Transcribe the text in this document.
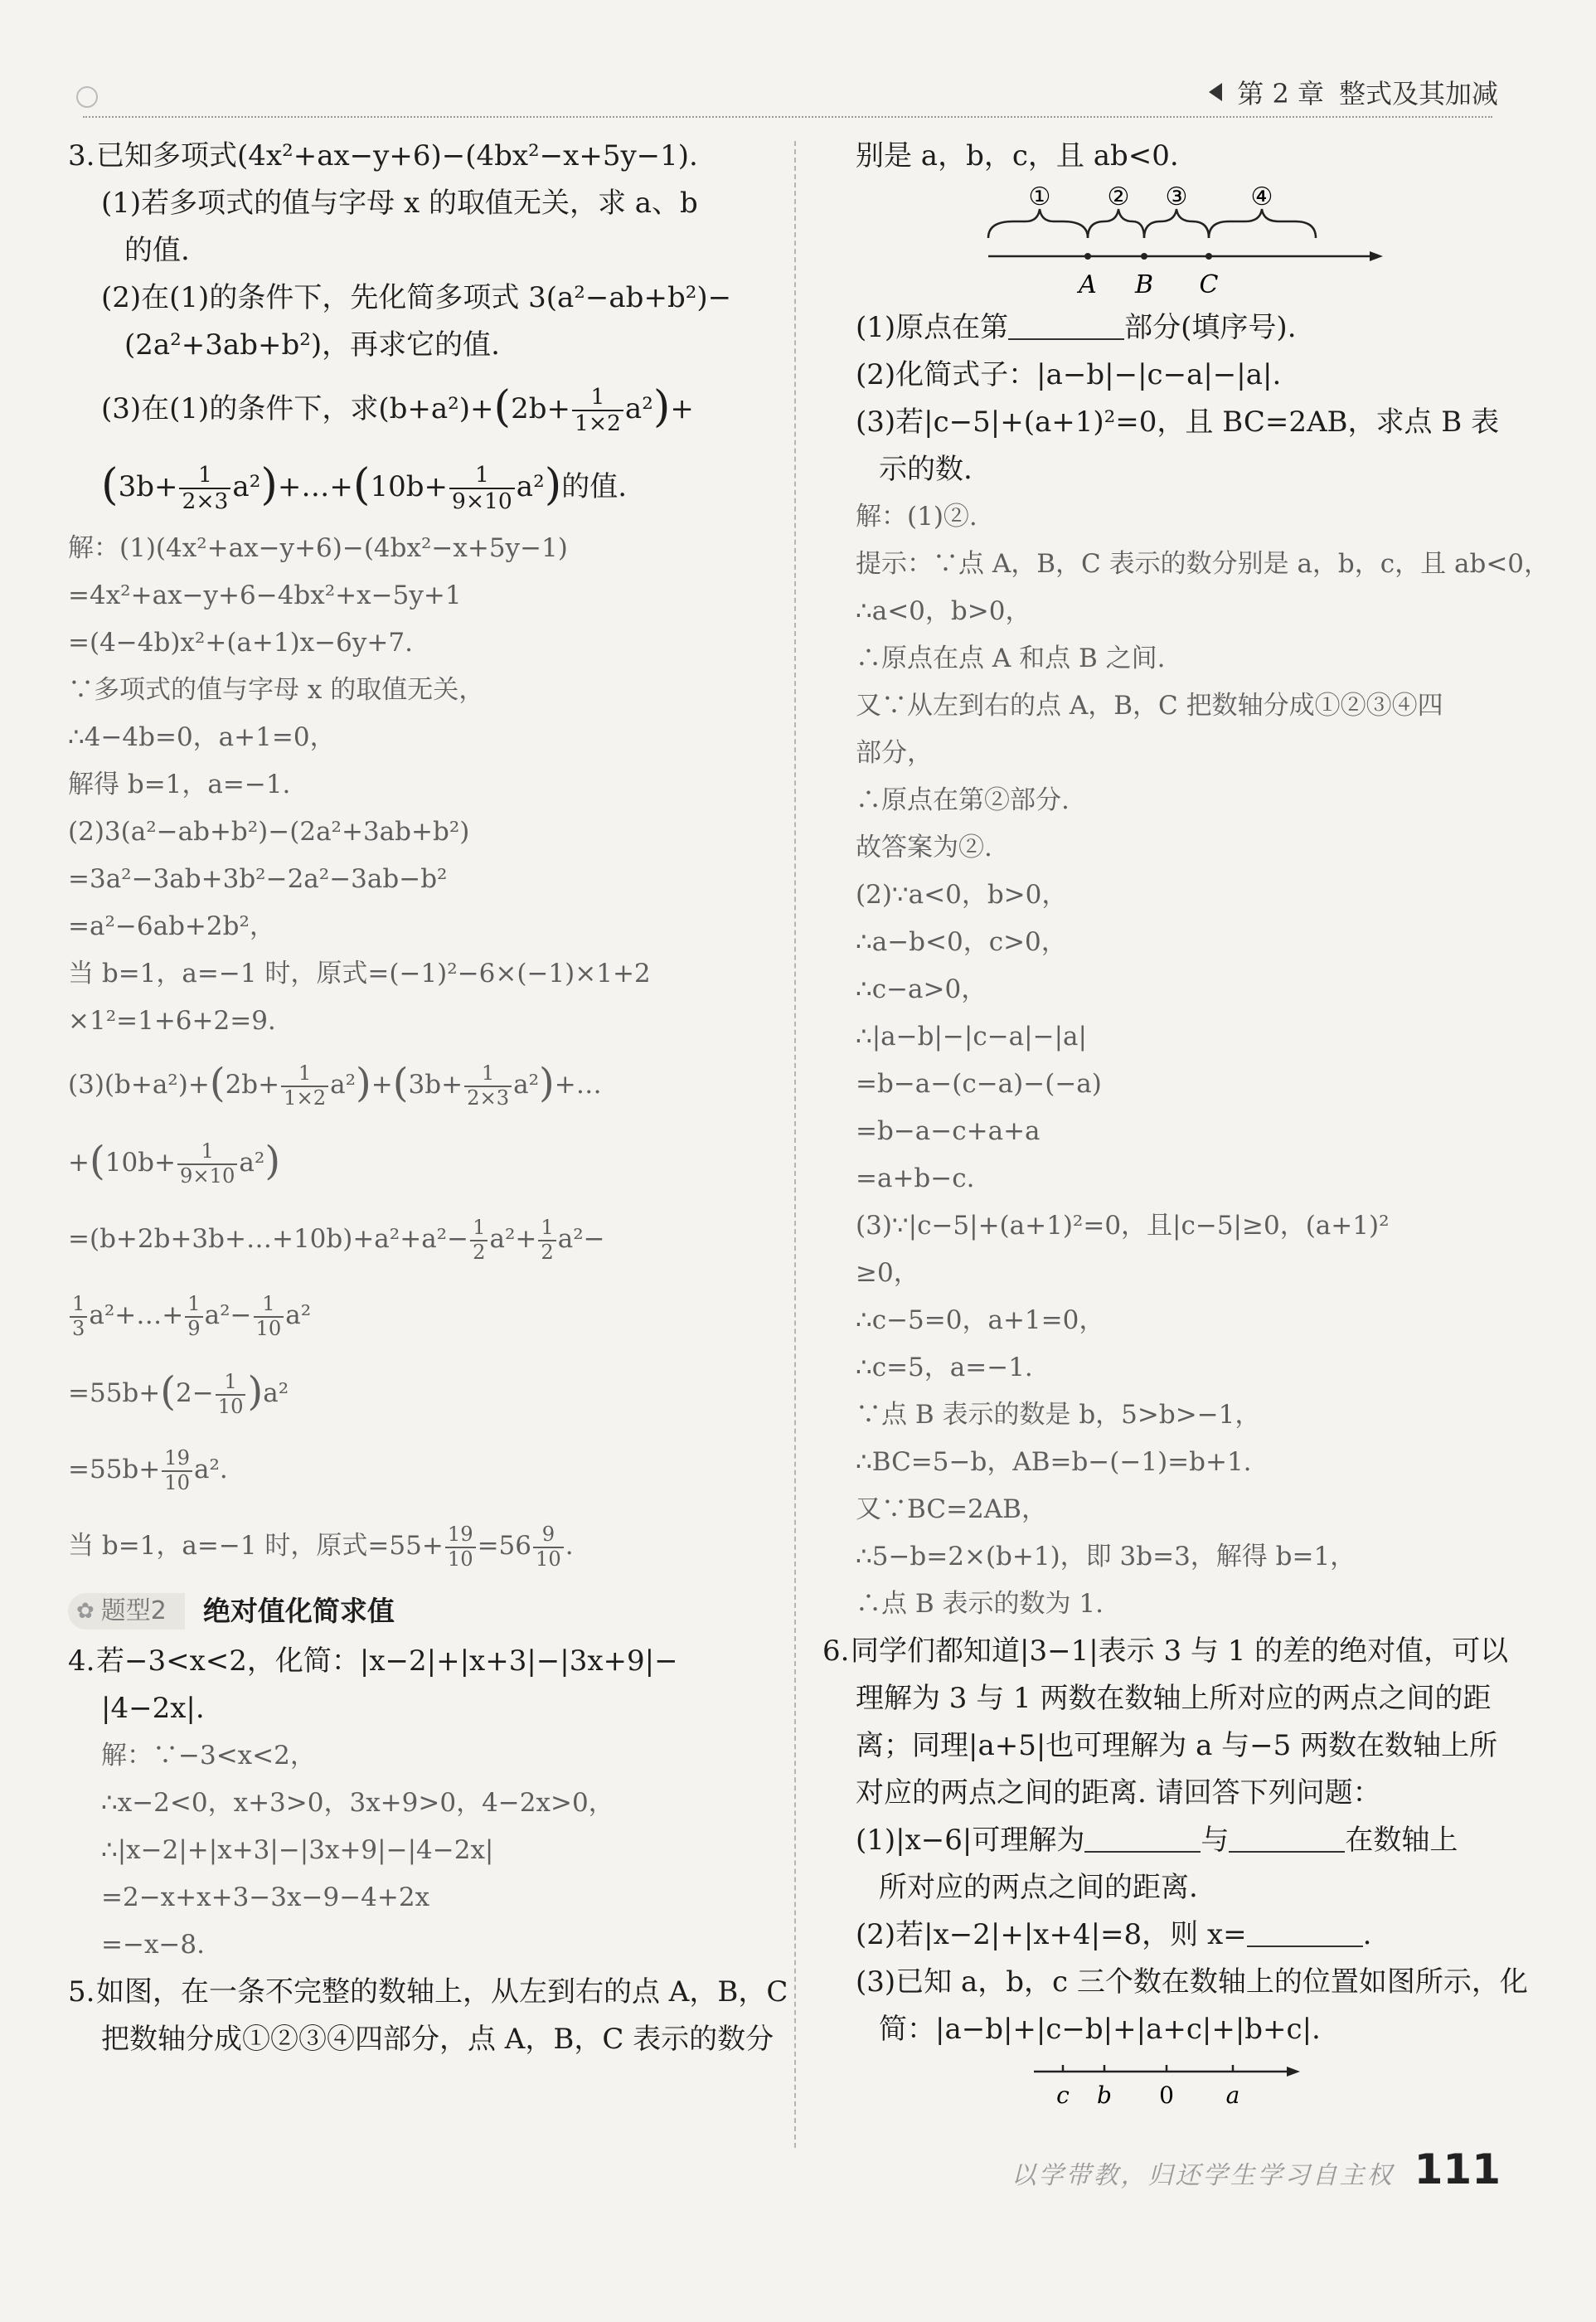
第 2 章 整式及其加减
3.已知多项式(4x²+ax−y+6)−(4bx²−x+5y−1).
(1)若多项式的值与字母 x 的取值无关，求 a、b
的值.
(2)在(1)的条件下，先化简多项式 3(a²−ab+b²)−
(2a²+3ab+b²)，再求它的值.
(3)在(1)的条件下，求$(b+a^2)+(2b+ \frac{1}{1\times 2} a^2)+$
($3b+ \frac{1}{2\times 3}$ a²)+…+(10b+ $\frac{1}{9\times 10} a^2$)的值.
解：(1)(4x²+ax−y+6)−(4bx²−x+5y−1)
=4x²+ax−y+6−4bx²+x−5y+1
=(4−4b)x²+(a+1)x−6y+7.
∵多项式的值与字母 x 的取值无关，
∴4−4b=0，a+1=0，
解得 b=1，a=−1.
(2)3(a²−ab+b²)−(2a²+3ab+b²)
=3a²−3ab+3b²−2a²−3ab−b²
=a²−6ab+2b²，
当 b=1，a=−1 时，原式=(−1)²−6×(−1)×1+2
×1²=1+6+2=9.
$(3)(b+a^2)+(2b+ \frac{1}{1\times 2} a^2)+(3b+ \frac{1}{2\times 3}$ a²)+…
$+(10b+ \frac{1}{9\times 10} a^2)$
=(b+2b+3b+…+10b)+a²+a²− $\frac{1}{2} a^2+ \frac{1}{2} a^2-$
$\frac{1}{3}$ a²+…+ $\frac{1}{9} a^2- \frac{1}{10} a^2$
$=55b+(2- \frac{1}{10} )a^2$
$=55b+ \frac{19}{10} a^2$.
当 b=1，a=−1 时，原式$=55+ \frac{19}{10} =56 \frac{9}{10}$ .
✿ 题型2 绝对值化简求值
4.若−3<x<2，化简：|x−2|+|x+3|−|3x+9|−
|4−2x|.
解：∵−3<x<2，
∴x−2<0，x+3>0，3x+9>0，4−2x>0，
∴|x−2|+|x+3|−|3x+9|−|4−2x|
=2−x+x+3−3x−9−4+2x
=−x−8.
5.如图，在一条不完整的数轴上，从左到右的点 A，B，C
把数轴分成①②③④四部分，点 A，B，C 表示的数分
别是 a，b，c，且 ab<0.
① ② ③	④
A B C
(1)原点在第	部分(填序号).
(2)化简式子：|a−b|−|c−a|−|a|.
(3)若|c−5|+(a+1)²=0，且 BC=2AB，求点 B 表
示的数.
解：(1)②.
提示：∵点 A，B，C 表示的数分别是 a，b，c，且 ab<0，
∴a<0，b>0，
∴原点在点 A 和点 B 之间.
又∵从左到右的点 A，B，C 把数轴分成①②③④四
部分，
∴原点在第②部分.
故答案为②.
(2)∵a<0，b>0，
∴a−b<0，c>0，
∴c−a>0，
∴|a−b|−|c−a|−|a|
=b−a−(c−a)−(−a)
=b−a−c+a+a
=a+b−c.
(3)∵|c−5|+(a+1)²=0，且|c−5|≥0，(a+1)²
≥0，
∴c−5=0，a+1=0，
∴c=5，a=−1.
∵点 B 表示的数是 b，5>b>−1，
∴BC=5−b，AB=b−(−1)=b+1.
又∵BC=2AB，
∴5−b=2×(b+1)，即 3b=3，解得 b=1，
∴点 B 表示的数为 1.
6.同学们都知道|3−1|表示 3 与 1 的差的绝对值，可以
理解为 3 与 1 两数在数轴上所对应的两点之间的距
离；同理|a+5|也可理解为 a 与−5 两数在数轴上所
对应的两点之间的距离. 请回答下列问题：
(1)|x−6|可理解为	与	在数轴上
所对应的两点之间的距离.
(2)若|x−2|+|x+4|=8，则 x=	.
(3)已知 a，b，c 三个数在数轴上的位置如图所示，化
简：|a−b|+|c−b|+|a+c|+|b+c|.
c b 0 a
以学带教，归还学生学习自主权 111
